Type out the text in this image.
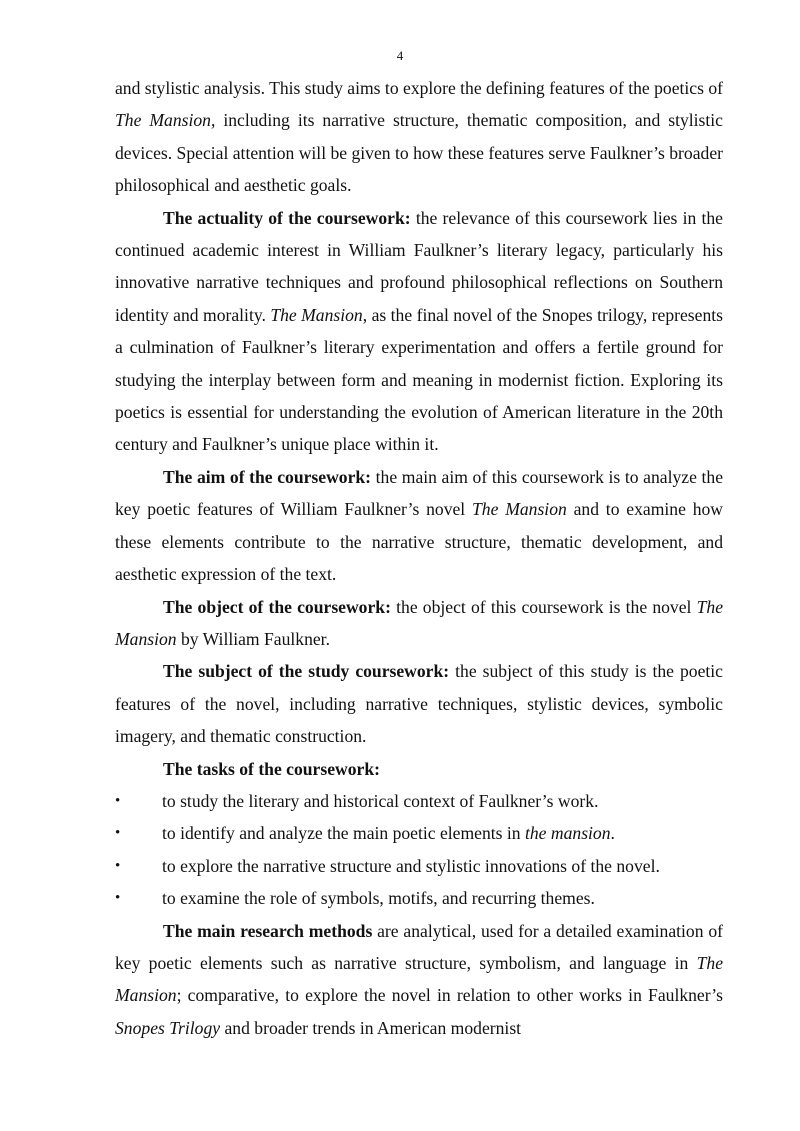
4

and stylistic analysis. This study aims to explore the defining features of the poetics of The Mansion, including its narrative structure, thematic composition, and stylistic devices. Special attention will be given to how these features serve Faulkner’s broader philosophical and aesthetic goals.

The actuality of the coursework: the relevance of this coursework lies in the continued academic interest in William Faulkner’s literary legacy, particularly his innovative narrative techniques and profound philosophical reflections on Southern identity and morality. The Mansion, as the final novel of the Snopes trilogy, represents a culmination of Faulkner’s literary experimentation and offers a fertile ground for studying the interplay between form and meaning in modernist fiction. Exploring its poetics is essential for understanding the evolution of American literature in the 20th century and Faulkner’s unique place within it.

The aim of the coursework: the main aim of this coursework is to analyze the key poetic features of William Faulkner’s novel The Mansion and to examine how these elements contribute to the narrative structure, thematic development, and aesthetic expression of the text.

The object of the coursework: the object of this coursework is the novel The Mansion by William Faulkner.

The subject of the study coursework: the subject of this study is the poetic features of the novel, including narrative techniques, stylistic devices, symbolic imagery, and thematic construction.

The tasks of the coursework:

• to study the literary and historical context of Faulkner’s work.
• to identify and analyze the main poetic elements in the mansion.
• to explore the narrative structure and stylistic innovations of the novel.
• to examine the role of symbols, motifs, and recurring themes.

The main research methods are analytical, used for a detailed examination of key poetic elements such as narrative structure, symbolism, and language in The Mansion; comparative, to explore the novel in relation to other works in Faulkner’s Snopes Trilogy and broader trends in American modernist
